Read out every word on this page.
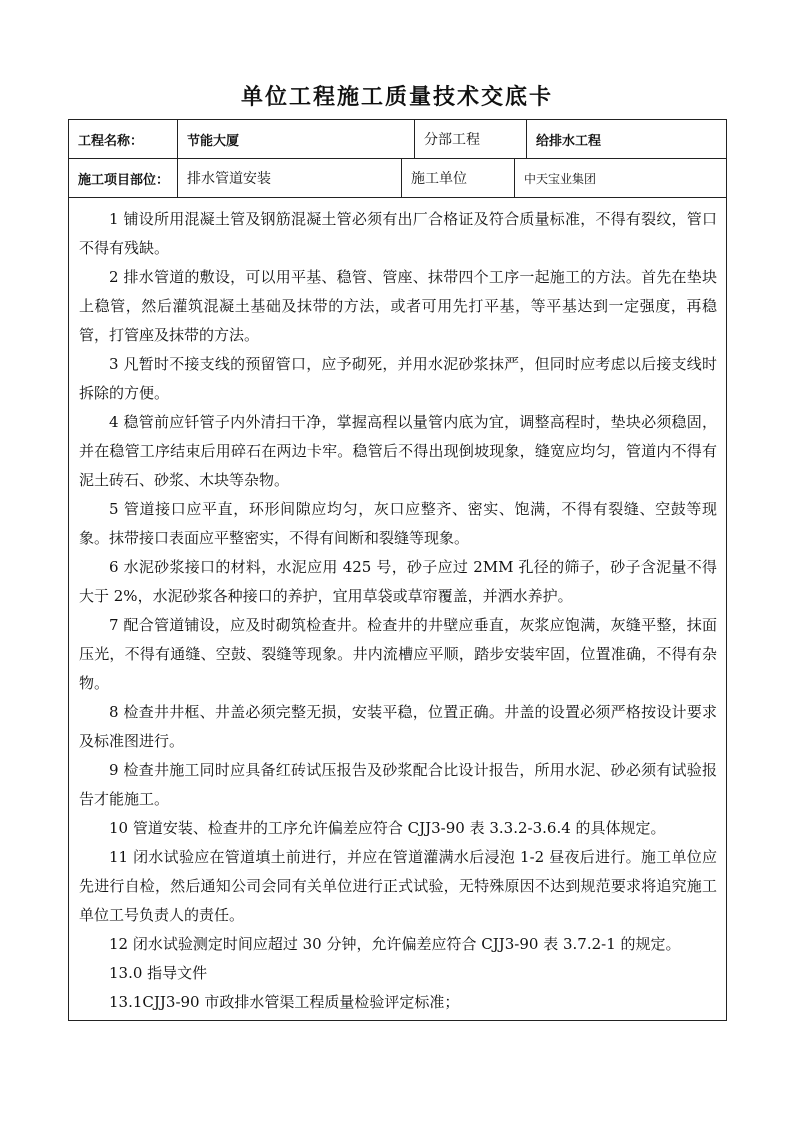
单位工程施工质量技术交底卡
工程名称：	节能大厦	分部工程	给排水工程
施工项目部位：	排水管道安装	施工单位	中天宝业集团

1 铺设所用混凝土管及钢筋混凝土管必须有出厂合格证及符合质量标准，不得有裂纹，管口不得有残缺。

2 排水管道的敷设，可以用平基、稳管、管座、抹带四个工序一起施工的方法。首先在垫块上稳管，然后灌筑混凝土基础及抹带的方法，或者可用先打平基，等平基达到一定强度，再稳管，打管座及抹带的方法。

3 凡暂时不接支线的预留管口，应予砌死，并用水泥砂浆抹严，但同时应考虑以后接支线时拆除的方便。

4 稳管前应钎管子内外清扫干净，掌握高程以量管内底为宜，调整高程时，垫块必须稳固，并在稳管工序结束后用碎石在两边卡牢。稳管后不得出现倒坡现象，缝宽应均匀，管道内不得有泥土砖石、砂浆、木块等杂物。

5 管道接口应平直，环形间隙应均匀，灰口应整齐、密实、饱满，不得有裂缝、空鼓等现象。抹带接口表面应平整密实，不得有间断和裂缝等现象。

6 水泥砂浆接口的材料，水泥应用 425 号，砂子应过 2MM 孔径的筛子，砂子含泥量不得大于 2%，水泥砂浆各种接口的养护，宜用草袋或草帘覆盖，并洒水养护。

7 配合管道铺设，应及时砌筑检查井。检查井的井壁应垂直，灰浆应饱满，灰缝平整，抹面压光，不得有通缝、空鼓、裂缝等现象。井内流槽应平顺，踏步安装牢固，位置准确，不得有杂物。

8 检查井井框、井盖必须完整无损，安装平稳，位置正确。井盖的设置必须严格按设计要求及标准图进行。

9 检查井施工同时应具备红砖试压报告及砂浆配合比设计报告，所用水泥、砂必须有试验报告才能施工。

10 管道安装、检查井的工序允许偏差应符合 CJJ3-90 表 3.3.2-3.6.4 的具体规定。

11 闭水试验应在管道填土前进行，并应在管道灌满水后浸泡 1-2 昼夜后进行。施工单位应先进行自检，然后通知公司会同有关单位进行正式试验，无特殊原因不达到规范要求将追究施工单位工号负责人的责任。

12 闭水试验测定时间应超过 30 分钟，允许偏差应符合 CJJ3-90 表 3.7.2-1 的规定。

13.0 指导文件

13.1CJJ3-90 市政排水管渠工程质量检验评定标准；
